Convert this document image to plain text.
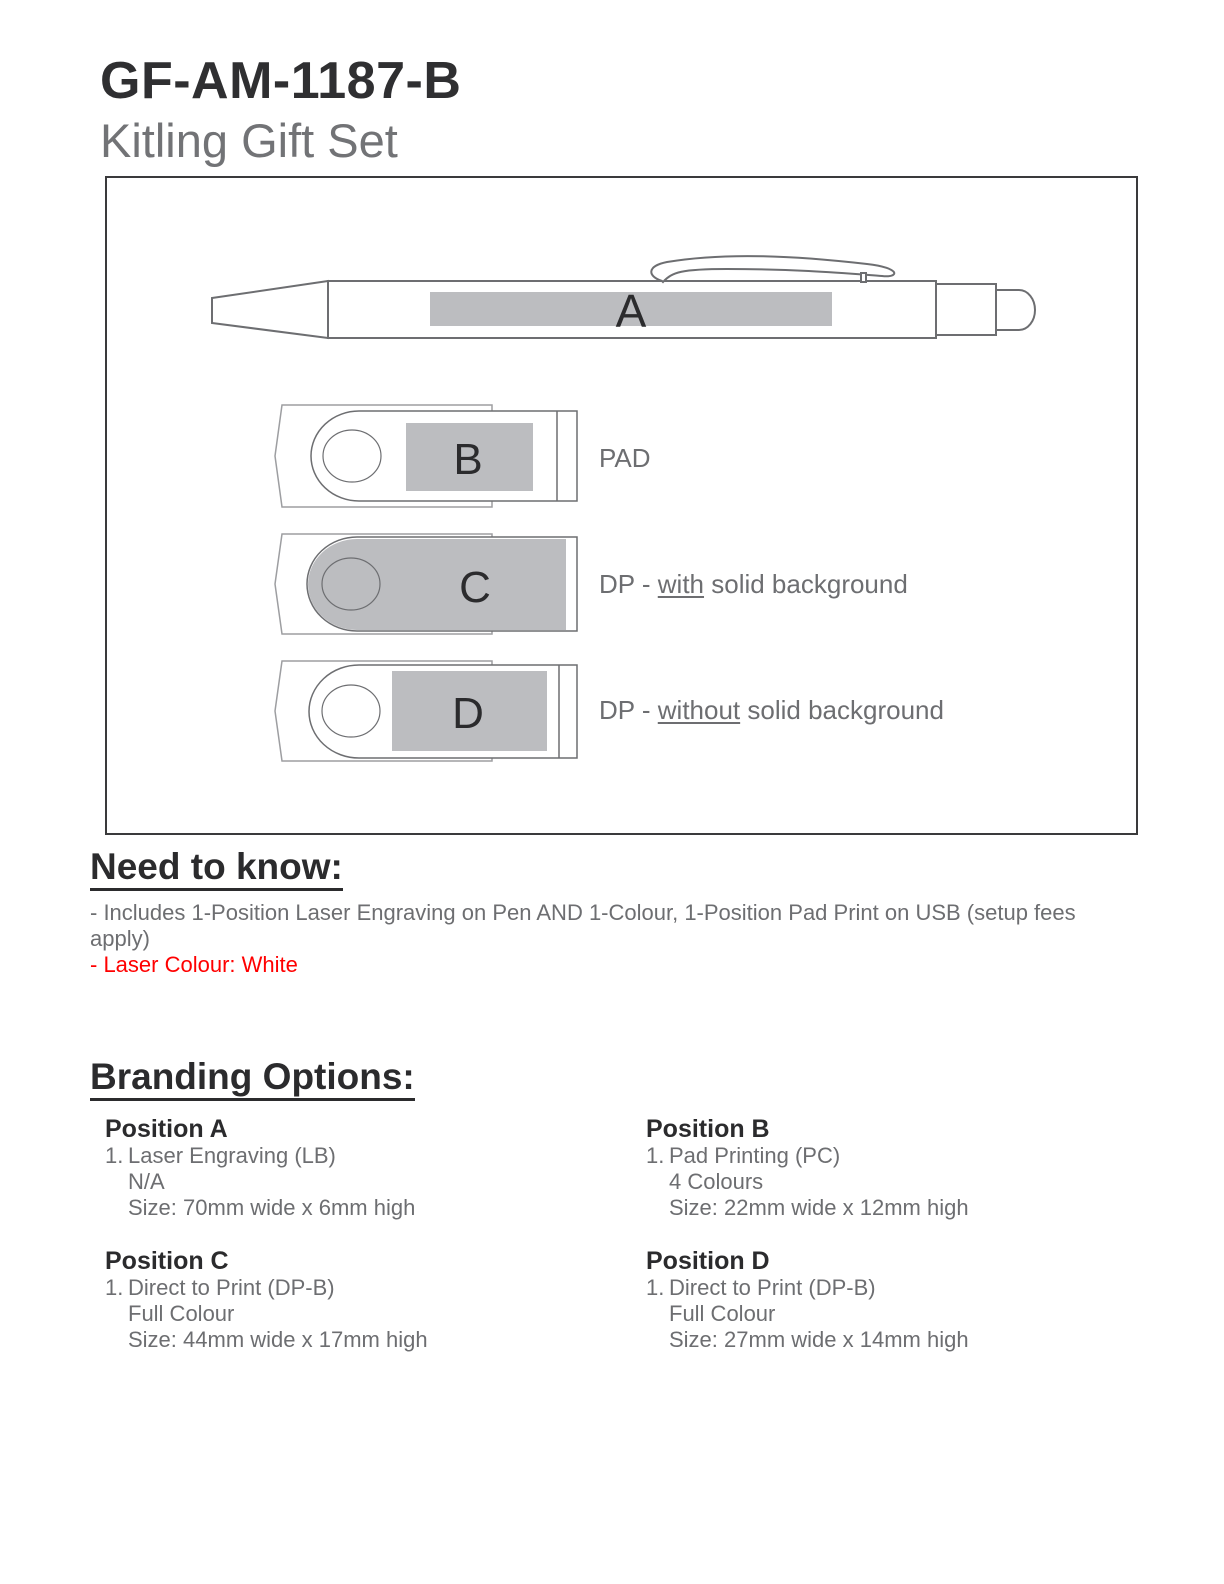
GF-AM-1187-B
Kitling Gift Set
A
B
C
D
PAD
DP - with solid background
DP - without solid background
Need to know:
- Includes 1-Position Laser Engraving on Pen AND 1-Colour, 1-Position Pad Print on USB (setup fees apply)
- Laser Colour: White
Branding Options:
Position A
1. Laser Engraving (LB)
N/A
Size: 70mm wide x 6mm high
Position B
1. Pad Printing (PC)
4 Colours
Size: 22mm wide x 12mm high
Position C
1. Direct to Print (DP-B)
Full Colour
Size: 44mm wide x 17mm high
Position D
1. Direct to Print (DP-B)
Full Colour
Size: 27mm wide x 14mm high
